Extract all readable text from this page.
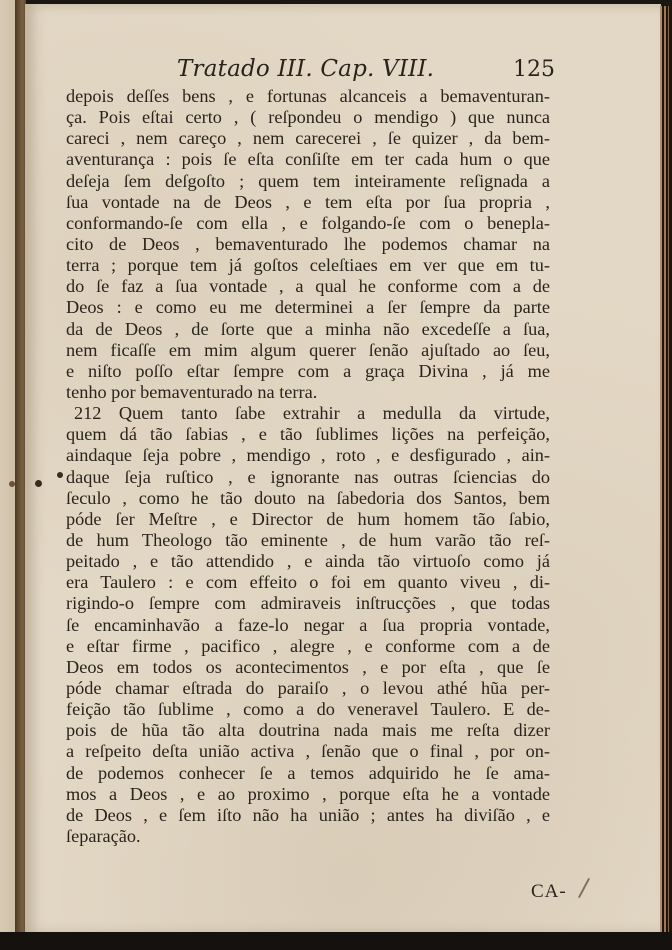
Tratado III. Cap. VIII.	125
depois deſſes bens , e fortunas alcanceis a bemaventuran-
ça. Pois eſtai certo , ( reſpondeu o mendigo ) que nunca
careci , nem careço , nem carecerei , ſe quizer , da bem-
aventurança : pois ſe eſta conſiſte em ter cada hum o que
deſeja ſem deſgoſto ; quem tem inteiramente reſignada a
ſua vontade na de Deos , e tem eſta por ſua propria ,
conformando-ſe com ella , e folgando-ſe com o benepla-
cito de Deos , bemaventurado lhe podemos chamar na
terra ; porque tem já goſtos celeſtiaes em ver que em tu-
do ſe faz a ſua vontade , a qual he conforme com a de
Deos : e como eu me determinei a ſer ſempre da parte
da de Deos , de ſorte que a minha não excedeſſe a ſua,
nem ficaſſe em mim algum querer ſenão ajuſtado ao ſeu,
e niſto poſſo eſtar ſempre com a graça Divina , já me
tenho por bemaventurado na terra.
212 Quem tanto ſabe extrahir a medulla da virtude,
quem dá tão ſabias , e tão ſublimes lições na perfeição,
aindaque ſeja pobre , mendigo , roto , e desfigurado , ain-
daque ſeja ruſtico , e ignorante nas outras ſciencias do
ſeculo , como he tão douto na ſabedoria dos Santos, bem
póde ſer Meſtre , e Director de hum homem tão ſabio,
de hum Theologo tão eminente , de hum varão tão reſ-
peitado , e tão attendido , e ainda tão virtuoſo como já
era Taulero : e com effeito o foi em quanto viveu , di-
rigindo-o ſempre com admiraveis inſtrucções , que todas
ſe encaminhavão a faze-lo negar a ſua propria vontade,
e eſtar firme , pacifico , alegre , e conforme com a de
Deos em todos os acontecimentos , e por eſta , que ſe
póde chamar eſtrada do paraiſo , o levou athé hũa per-
feição tão ſublime , como a do veneravel Taulero. E de-
pois de hũa tão alta doutrina nada mais me reſta dizer
a reſpeito deſta união activa , ſenão que o final , por on-
de podemos conhecer ſe a temos adquirido he ſe ama-
mos a Deos , e ao proximo , porque eſta he a vontade
de Deos , e ſem iſto não ha união ; antes ha diviſão , e
ſeparação.
CA-
